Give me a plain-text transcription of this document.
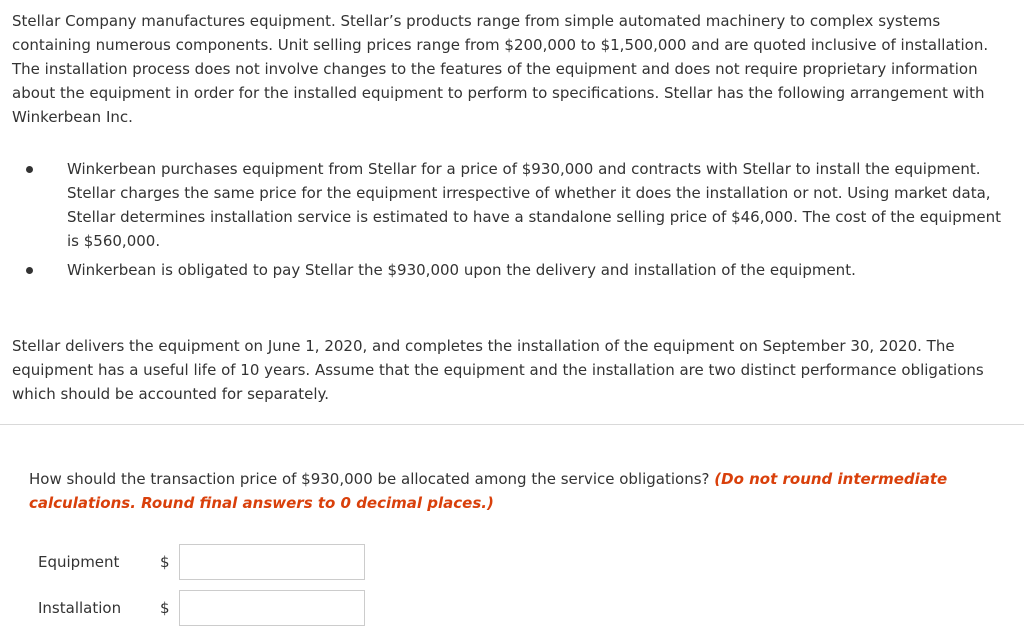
Stellar Company manufactures equipment. Stellar’s products range from simple automated machinery to complex systems containing numerous components. Unit selling prices range from $200,000 to $1,500,000 and are quoted inclusive of installation. The installation process does not involve changes to the features of the equipment and does not require proprietary information about the equipment in order for the installed equipment to perform to specifications. Stellar has the following arrangement with Winkerbean Inc.

Winkerbean purchases equipment from Stellar for a price of $930,000 and contracts with Stellar to install the equipment. Stellar charges the same price for the equipment irrespective of whether it does the installation or not. Using market data, Stellar determines installation service is estimated to have a standalone selling price of $46,000. The cost of the equipment is $560,000.
Winkerbean is obligated to pay Stellar the $930,000 upon the delivery and installation of the equipment.

Stellar delivers the equipment on June 1, 2020, and completes the installation of the equipment on September 30, 2020. The equipment has a useful life of 10 years. Assume that the equipment and the installation are two distinct performance obligations which should be accounted for separately.

How should the transaction price of $930,000 be allocated among the service obligations? (Do not round intermediate calculations. Round final answers to 0 decimal places.)

Equipment	$
Installation	$
